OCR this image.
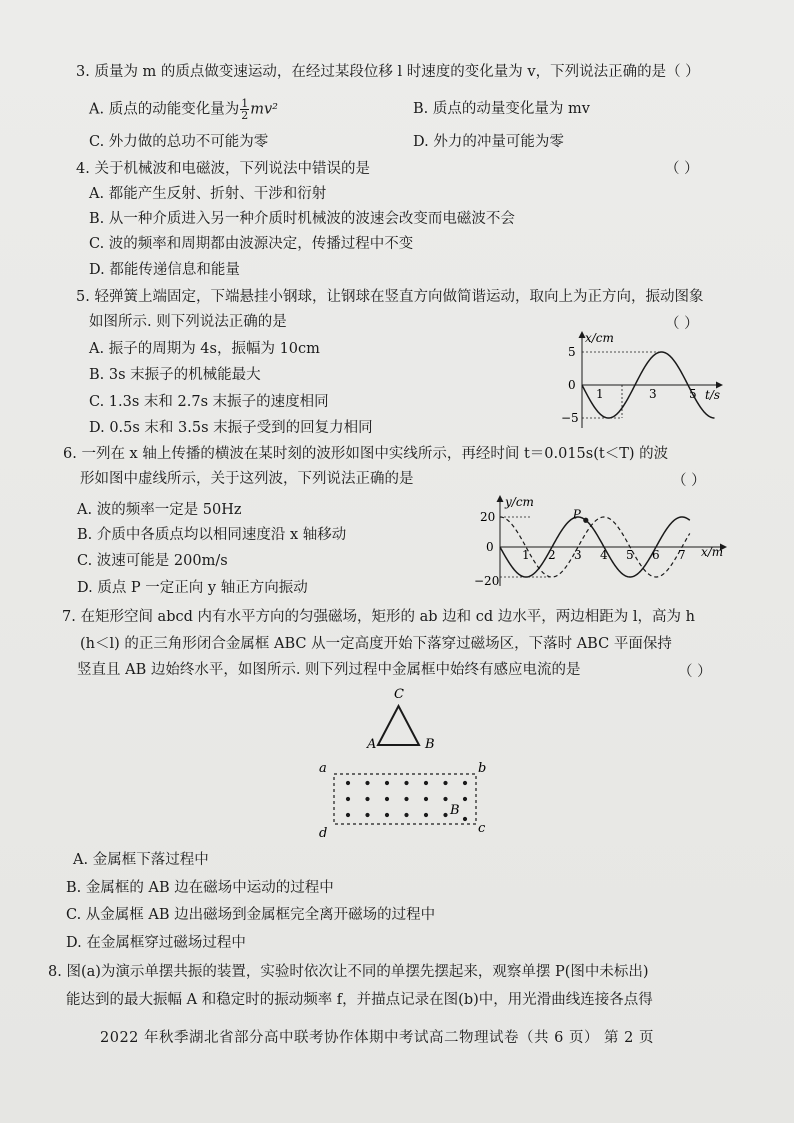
3. 质量为 m 的质点做变速运动，在经过某段位移 l 时速度的变化量为 v，下列说法正确的是（ ）
A. 质点的动能变化量为 $\frac{1}{2} mv^2$	B. 质点的动量变化量为 mv
C. 外力做的总功不可能为零	D. 外力的冲量可能为零
4. 关于机械波和电磁波，下列说法中错误的是	（ ）
A. 都能产生反射、折射、干涉和衍射
B. 从一种介质进入另一种介质时机械波的波速会改变而电磁波不会
C. 波的频率和周期都由波源决定，传播过程中不变
D. 都能传递信息和能量
5. 轻弹簧上端固定，下端悬挂小钢球，让钢球在竖直方向做简谐运动，取向上为正方向，振动图象
如图所示. 则下列说法正确的是	（ ）
A. 振子的周期为 4s，振幅为 10cm
B. 3s 末振子的机械能最大
C. 1.3s 末和 2.7s 末振子的速度相同
D. 0.5s 末和 3.5s 末振子受到的回复力相同
x/cm
t/s
5
0
−5
1	3	5
6. 一列在 x 轴上传播的横波在某时刻的波形如图中实线所示，再经时间 t＝0.015s(t＜T) 的波
形如图中虚线所示，关于这列波，下列说法正确的是	（ ）
A. 波的频率一定是 50Hz
B. 介质中各质点均以相同速度沿 x 轴移动
C. 波速可能是 200m/s
D. 质点 P 一定正向 y 轴正方向振动
y/cm
x/m
20
0
−20
1 2 3 4 5 6 7
P
7. 在矩形空间 abcd 内有水平方向的匀强磁场，矩形的 ab 边和 cd 边水平，两边相距为 l，高为 h
(h＜l) 的正三角形闭合金属框 ABC 从一定高度开始下落穿过磁场区，下落时 ABC 平面保持
竖直且 AB 边始终水平，如图所示. 则下列过程中金属框中始终有感应电流的是	（ ）
C
A	B
a	b
c
d
B
A. 金属框下落过程中
B. 金属框的 AB 边在磁场中运动的过程中
C. 从金属框 AB 边出磁场到金属框完全离开磁场的过程中
D. 在金属框穿过磁场过程中
8. 图(a)为演示单摆共振的装置，实验时依次让不同的单摆先摆起来，观察单摆 P(图中未标出)
能达到的最大振幅 A 和稳定时的振动频率 f，并描点记录在图(b)中，用光滑曲线连接各点得
2022 年秋季湖北省部分高中联考协作体期中考试高二物理试卷（共 6 页） 第 2 页
